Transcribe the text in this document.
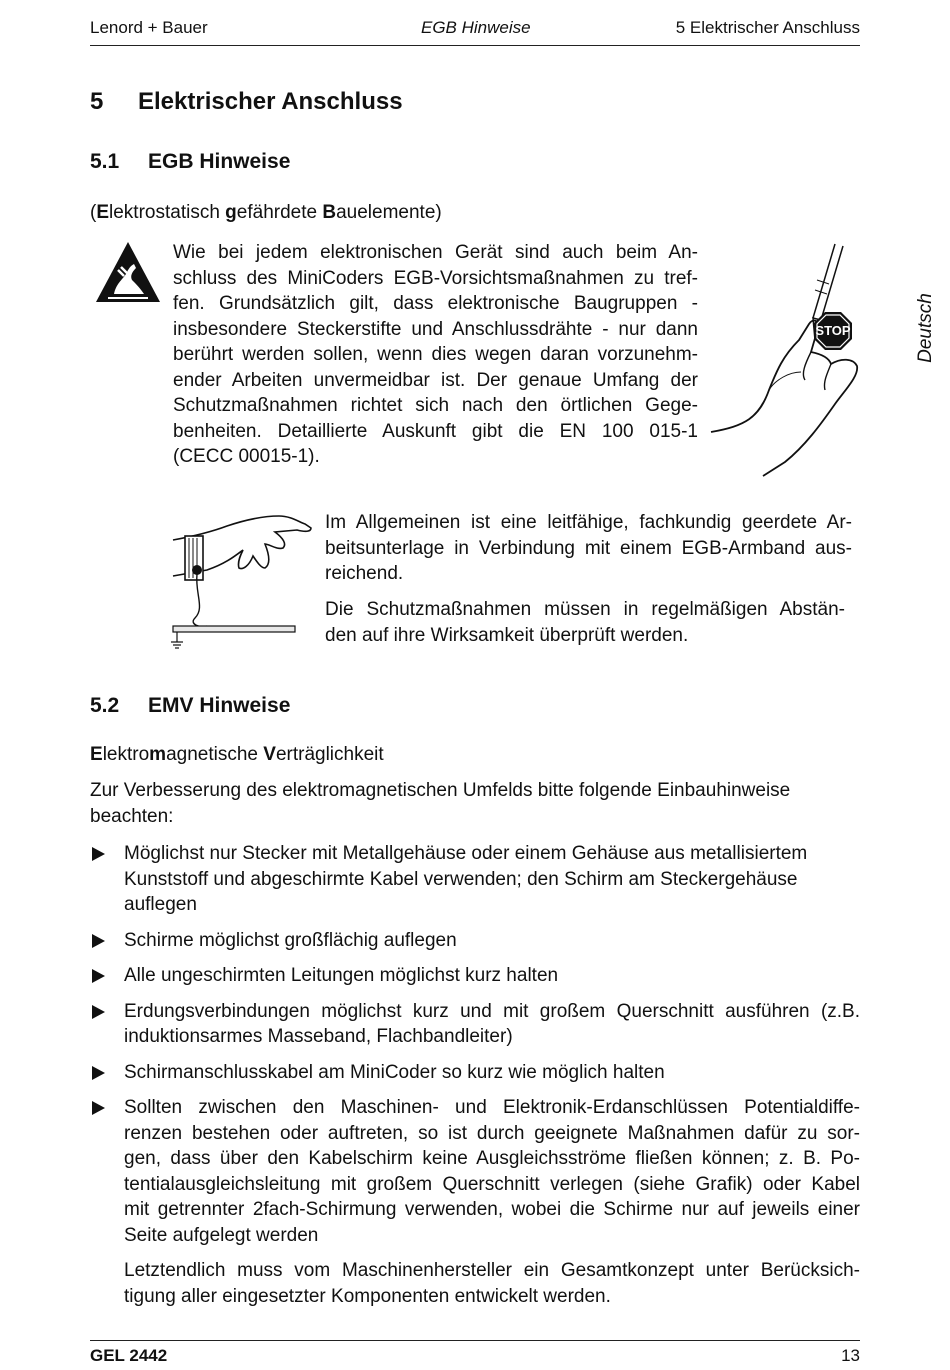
Lenord + Bauer	EGB Hinweise	5 Elektrischer Anschluss
Deutsch
5 Elektrischer Anschluss
5.1 EGB Hinweise
(Elektrostatisch gefährdete Bauelemente)
Wie bei jedem elektronischen Gerät sind auch beim An-
schluss des MiniCoders EGB-Vorsichtsmaßnahmen zu tref-
fen. Grundsätzlich gilt, dass elektronische Baugruppen -
insbesondere Steckerstifte und Anschlussdrähte - nur dann
berührt werden sollen, wenn dies wegen daran vorzunehm-
ender Arbeiten unvermeidbar ist. Der genaue Umfang der
Schutzmaßnahmen richtet sich nach den örtlichen Gege-
benheiten. Detaillierte Auskunft gibt die EN 100 015-1
(CECC 00015-1).
STOP
Im Allgemeinen ist eine leitfähige, fachkundig geerdete Ar-
beitsunterlage in Verbindung mit einem EGB-Armband aus-
reichend.
Die Schutzmaßnahmen müssen in regelmäßigen Abstän-
den auf ihre Wirksamkeit überprüft werden.
5.2 EMV Hinweise
Elektromagnetische Verträglichkeit
Zur Verbesserung des elektromagnetischen Umfelds bitte folgende Einbauhinweise
beachten:
Möglichst nur Stecker mit Metallgehäuse oder einem Gehäuse aus metallisiertem
Kunststoff und abgeschirmte Kabel verwenden; den Schirm am Steckergehäuse
auflegen
Schirme möglichst großflächig auflegen
Alle ungeschirmten Leitungen möglichst kurz halten
Erdungsverbindungen möglichst kurz und mit großem Querschnitt ausführen (z.B.
induktionsarmes Masseband, Flachbandleiter)
Schirmanschlusskabel am MiniCoder so kurz wie möglich halten
Sollten zwischen den Maschinen- und Elektronik-Erdanschlüssen Potentialdiffe-
renzen bestehen oder auftreten, so ist durch geeignete Maßnahmen dafür zu sor-
gen, dass über den Kabelschirm keine Ausgleichsströme fließen können; z. B. Po-
tentialausgleichsleitung mit großem Querschnitt verlegen (siehe Grafik) oder Kabel
mit getrennter 2fach-Schirmung verwenden, wobei die Schirme nur auf jeweils einer
Seite aufgelegt werden
Letztendlich muss vom Maschinenhersteller ein Gesamtkonzept unter Berücksich-
tigung aller eingesetzter Komponenten entwickelt werden.
GEL 2442	13
